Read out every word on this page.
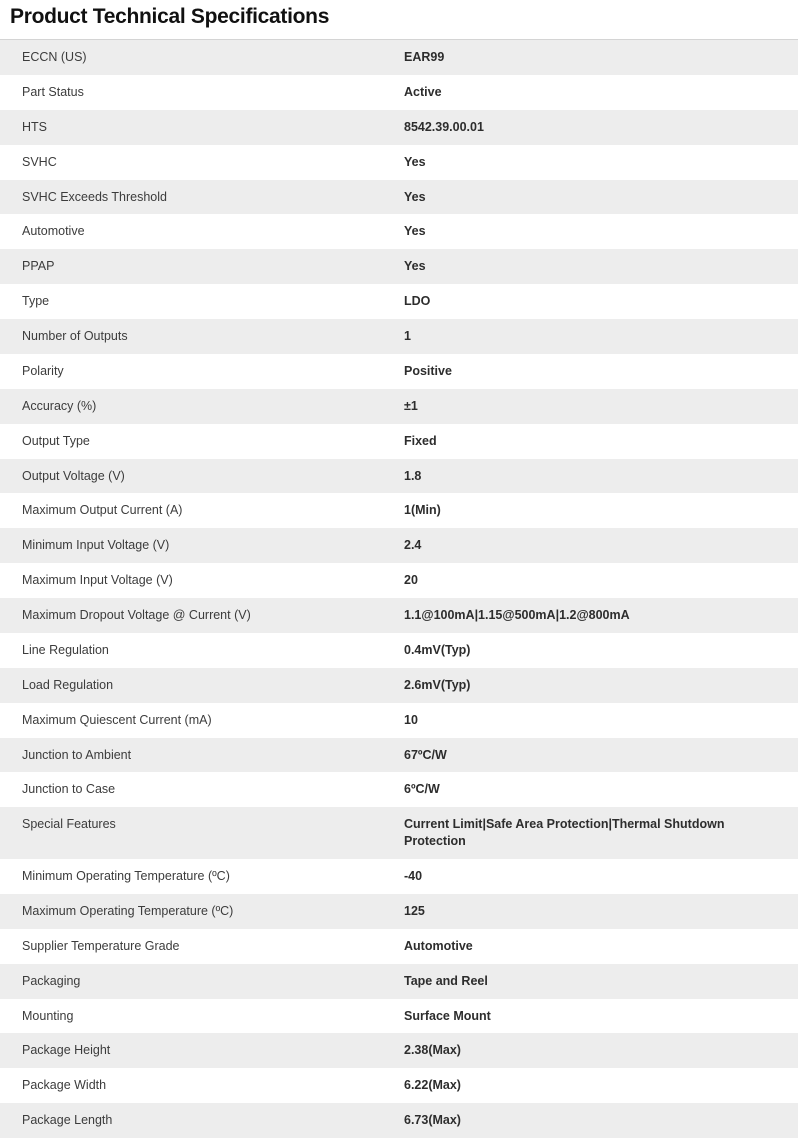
Product Technical Specifications
ECCN (US)	EAR99
Part Status	Active
HTS	8542.39.00.01
SVHC	Yes
SVHC Exceeds Threshold	Yes
Automotive	Yes
PPAP	Yes
Type	LDO
Number of Outputs	1
Polarity	Positive
Accuracy (%)	±1
Output Type	Fixed
Output Voltage (V)	1.8
Maximum Output Current (A)	1(Min)
Minimum Input Voltage (V)	2.4
Maximum Input Voltage (V)	20
Maximum Dropout Voltage @ Current (V)	1.1@100mA|1.15@500mA|1.2@800mA
Line Regulation	0.4mV(Typ)
Load Regulation	2.6mV(Typ)
Maximum Quiescent Current (mA)	10
Junction to Ambient	67ºC/W
Junction to Case	6ºC/W
Special Features	Current Limit|Safe Area Protection|Thermal Shutdown Protection
Minimum Operating Temperature (ºC)	-40
Maximum Operating Temperature (ºC)	125
Supplier Temperature Grade	Automotive
Packaging	Tape and Reel
Mounting	Surface Mount
Package Height	2.38(Max)
Package Width	6.22(Max)
Package Length	6.73(Max)
